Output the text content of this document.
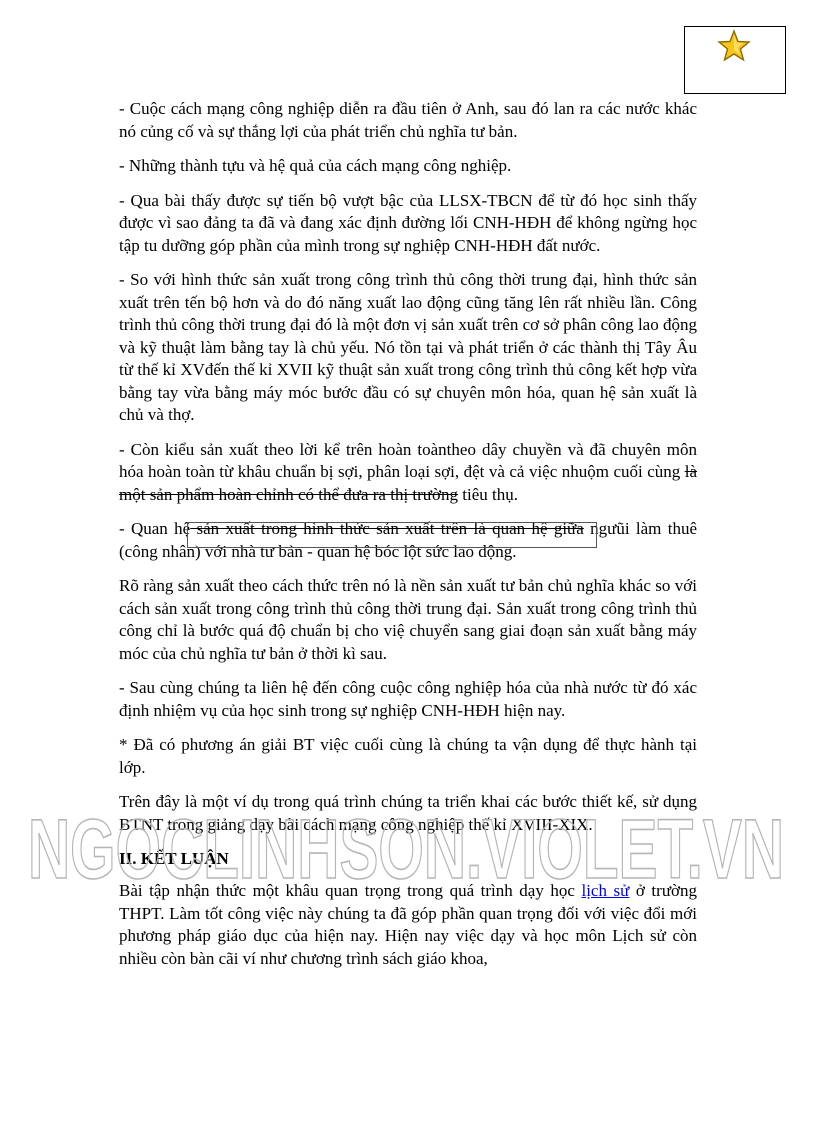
- Cuộc cách mạng công nghiệp diễn ra đầu tiên ở Anh, sau đó lan ra các nước khác nó củng cố và sự thắng lợi của phát triển chủ nghĩa tư bản.

- Những thành tựu và hệ quả của cách mạng công nghiệp.

- Qua bài thấy được sự tiến bộ vượt bậc của LLSX-TBCN để từ đó học sinh thấy được vì sao đảng ta đã và đang xác định đường lối CNH-HĐH để không ngừng học tập tu dưỡng góp phần của mình trong sự nghiệp CNH-HĐH đất nước.

- So với hình thức sản xuất trong công trình thủ công thời trung đại, hình thức sản xuất trên tến bộ hơn và do đó năng xuất lao động cũng tăng lên rất nhiều lần. Công trình thủ công thời trung đại đó là một đơn vị sản xuất trên cơ sở phân công lao động và kỹ thuật làm bằng tay là chủ yếu. Nó tồn tại và phát triển ở các thành thị Tây Âu từ thế kỉ XVđến thế kỉ XVII kỹ thuật sản xuất trong công trình thủ công kết hợp vừa bằng tay vừa bằng máy móc bước đầu có sự chuyên môn hóa, quan hệ sản xuất là chủ và thợ.

- Còn kiểu sản xuất theo lời kể trên hoàn toàntheo dây chuyền và đã chuyên môn hóa hoàn toàn từ khâu chuẩn bị sợi, phân loại sợi, đệt và cả việc nhuộm cuối cùng là một sản phẩm hoàn chỉnh có thể đưa ra thị trường tiêu thụ.

- Quan hệ sản xuất trong hình thức sản xuất trên là quan hệ giữa ngưũi làm thuê (công nhân) với nhà tư bản - quan hệ bóc lột sức lao động.

Rõ ràng sản xuất theo cách thức trên nó là nền sản xuất tư bản chủ nghĩa khác so với cách sản xuất trong công trình thủ công thời trung đại. Sản xuất trong công trình thủ công chỉ là bước quá độ chuẩn bị cho việ chuyển sang giai đoạn sản xuất bằng máy móc của chủ nghĩa tư bản ở thời kì sau.

- Sau cùng chúng ta liên hệ đến công cuộc công nghiệp hóa của nhà nước từ đó xác định nhiệm vụ của học sinh trong sự nghiệp CNH-HĐH hiện nay.

* Đã có phương án giải BT việc cuối cùng là chúng ta vận dụng để thực hành tại lớp.

Trên đây là một ví dụ trong quá trình chúng ta triển khai các bước thiết kế, sử dụng BTNT trong giảng dạy bài cách mạng công nghiệp thế kỉ XVIII-XIX.

II. KẾT LUẬN

Bài tập nhận thức một khâu quan trọng trong quá trình dạy học lịch sử ở trường THPT. Làm tốt công việc này chúng ta đã góp phần quan trọng đối với việc đổi mới phương pháp giáo dục của hiện nay. Hiện nay việc dạy và học môn Lịch sử còn nhiều còn bàn cãi ví như chương trình sách giáo khoa,

NGOCLINHSON.VIOLET.VN
